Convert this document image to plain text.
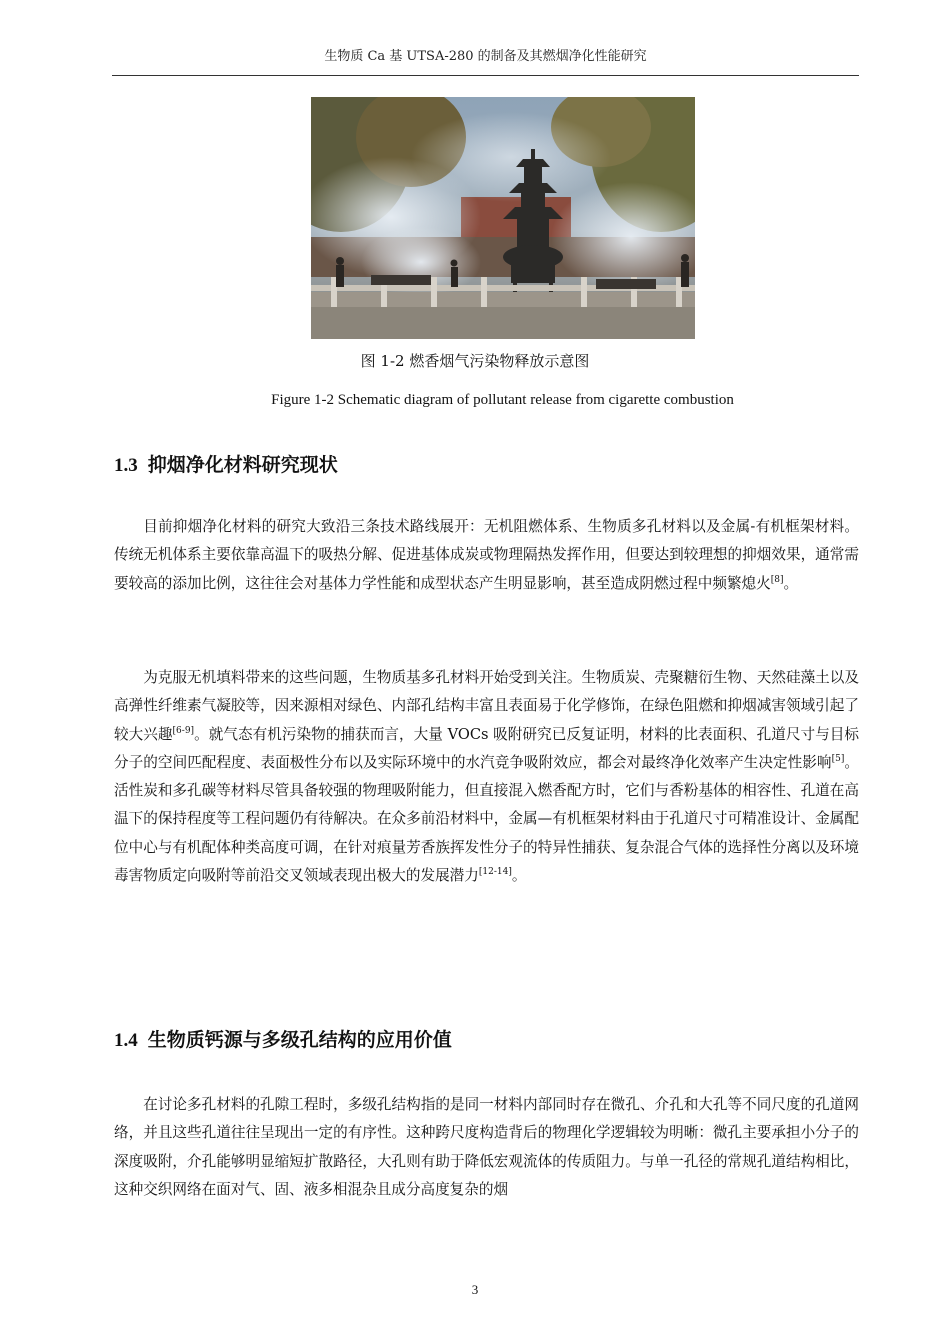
生物质 Ca 基 UTSA-280 的制备及其燃烟净化性能研究
图 1-2 燃香烟气污染物释放示意图
Figure 1-2 Schematic diagram of pollutant release from cigarette combustion
1.3 抑烟净化材料研究现状
目前抑烟净化材料的研究大致沿三条技术路线展开：无机阻燃体系、生物质多孔材料以及金属-有机框架材料。传统无机体系主要依靠高温下的吸热分解、促进基体成炭或物理隔热发挥作用，但要达到较理想的抑烟效果，通常需要较高的添加比例，这往往会对基体力学性能和成型状态产生明显影响，甚至造成阴燃过程中频繁熄火[8]。
为克服无机填料带来的这些问题，生物质基多孔材料开始受到关注。生物质炭、壳聚糖衍生物、天然硅藻土以及高弹性纤维素气凝胶等，因来源相对绿色、内部孔结构丰富且表面易于化学修饰，在绿色阻燃和抑烟减害领域引起了较大兴趣[6-9]。就气态有机污染物的捕获而言，大量 VOCs 吸附研究已反复证明，材料的比表面积、孔道尺寸与目标分子的空间匹配程度、表面极性分布以及实际环境中的水汽竞争吸附效应，都会对最终净化效率产生决定性影响[5]。活性炭和多孔碳等材料尽管具备较强的物理吸附能力，但直接混入燃香配方时，它们与香粉基体的相容性、孔道在高温下的保持程度等工程问题仍有待解决。在众多前沿材料中，金属—有机框架材料由于孔道尺寸可精准设计、金属配位中心与有机配体种类高度可调，在针对痕量芳香族挥发性分子的特异性捕获、复杂混合气体的选择性分离以及环境毒害物质定向吸附等前沿交叉领域表现出极大的发展潜力[12-14]。
1.4 生物质钙源与多级孔结构的应用价值
在讨论多孔材料的孔隙工程时，多级孔结构指的是同一材料内部同时存在微孔、介孔和大孔等不同尺度的孔道网络，并且这些孔道往往呈现出一定的有序性。这种跨尺度构造背后的物理化学逻辑较为明晰：微孔主要承担小分子的深度吸附，介孔能够明显缩短扩散路径，大孔则有助于降低宏观流体的传质阻力。与单一孔径的常规孔道结构相比，这种交织网络在面对气、固、液多相混杂且成分高度复杂的烟
3
